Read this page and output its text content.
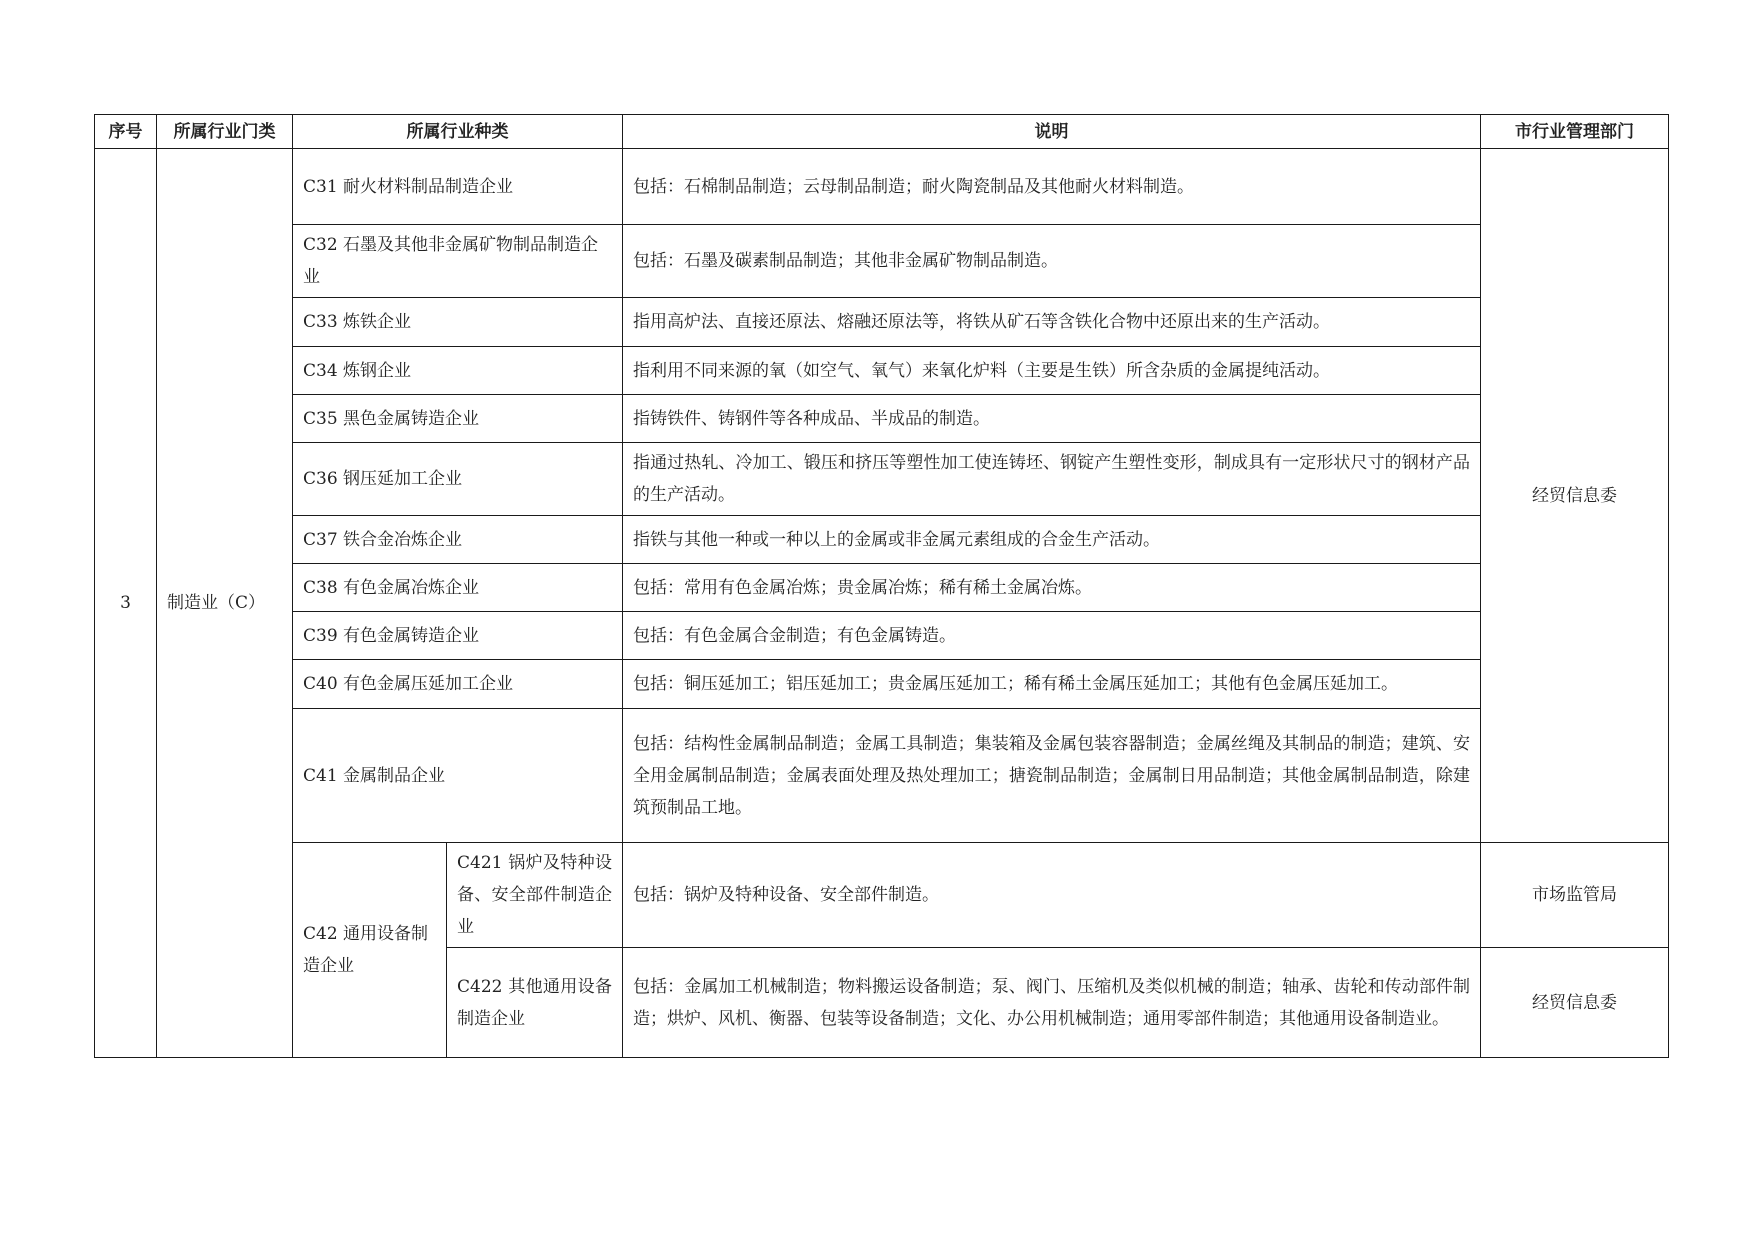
序号	所属行业门类	所属行业种类		说明	市行业管理部门
3	制造业（C）	C31 耐火材料制品制造企业		包括：石棉制品制造；云母制品制造；耐火陶瓷制品及其他耐火材料制造。	经贸信息委
		C32 石墨及其他非金属矿物制品制造企业		包括：石墨及碳素制品制造；其他非金属矿物制品制造。	
		C33 炼铁企业		指用高炉法、直接还原法、熔融还原法等，将铁从矿石等含铁化合物中还原出来的生产活动。	
		C34 炼钢企业		指利用不同来源的氧（如空气、氧气）来氧化炉料（主要是生铁）所含杂质的金属提纯活动。	
		C35 黑色金属铸造企业		指铸铁件、铸钢件等各种成品、半成品的制造。	
		C36 钢压延加工企业		指通过热轧、冷加工、锻压和挤压等塑性加工使连铸坯、钢锭产生塑性变形，制成具有一定形状尺寸的钢材产品的生产活动。	
		C37 铁合金冶炼企业		指铁与其他一种或一种以上的金属或非金属元素组成的合金生产活动。	
		C38 有色金属冶炼企业		包括：常用有色金属冶炼；贵金属冶炼；稀有稀土金属冶炼。	
		C39 有色金属铸造企业		包括：有色金属合金制造；有色金属铸造。	
		C40 有色金属压延加工企业		包括：铜压延加工；铝压延加工；贵金属压延加工；稀有稀土金属压延加工；其他有色金属压延加工。	
		C41 金属制品企业		包括：结构性金属制品制造；金属工具制造；集装箱及金属包装容器制造；金属丝绳及其制品的制造；建筑、安全用金属制品制造；金属表面处理及热处理加工；搪瓷制品制造；金属制日用品制造；其他金属制品制造，除建筑预制品工地。	
		C42 通用设备制造企业	C421 锅炉及特种设备、安全部件制造企业	包括：锅炉及特种设备、安全部件制造。	市场监管局
			C422 其他通用设备制造企业	包括：金属加工机械制造；物料搬运设备制造；泵、阀门、压缩机及类似机械的制造；轴承、齿轮和传动部件制造；烘炉、风机、衡器、包装等设备制造；文化、办公用机械制造；通用零部件制造；其他通用设备制造业。	经贸信息委
